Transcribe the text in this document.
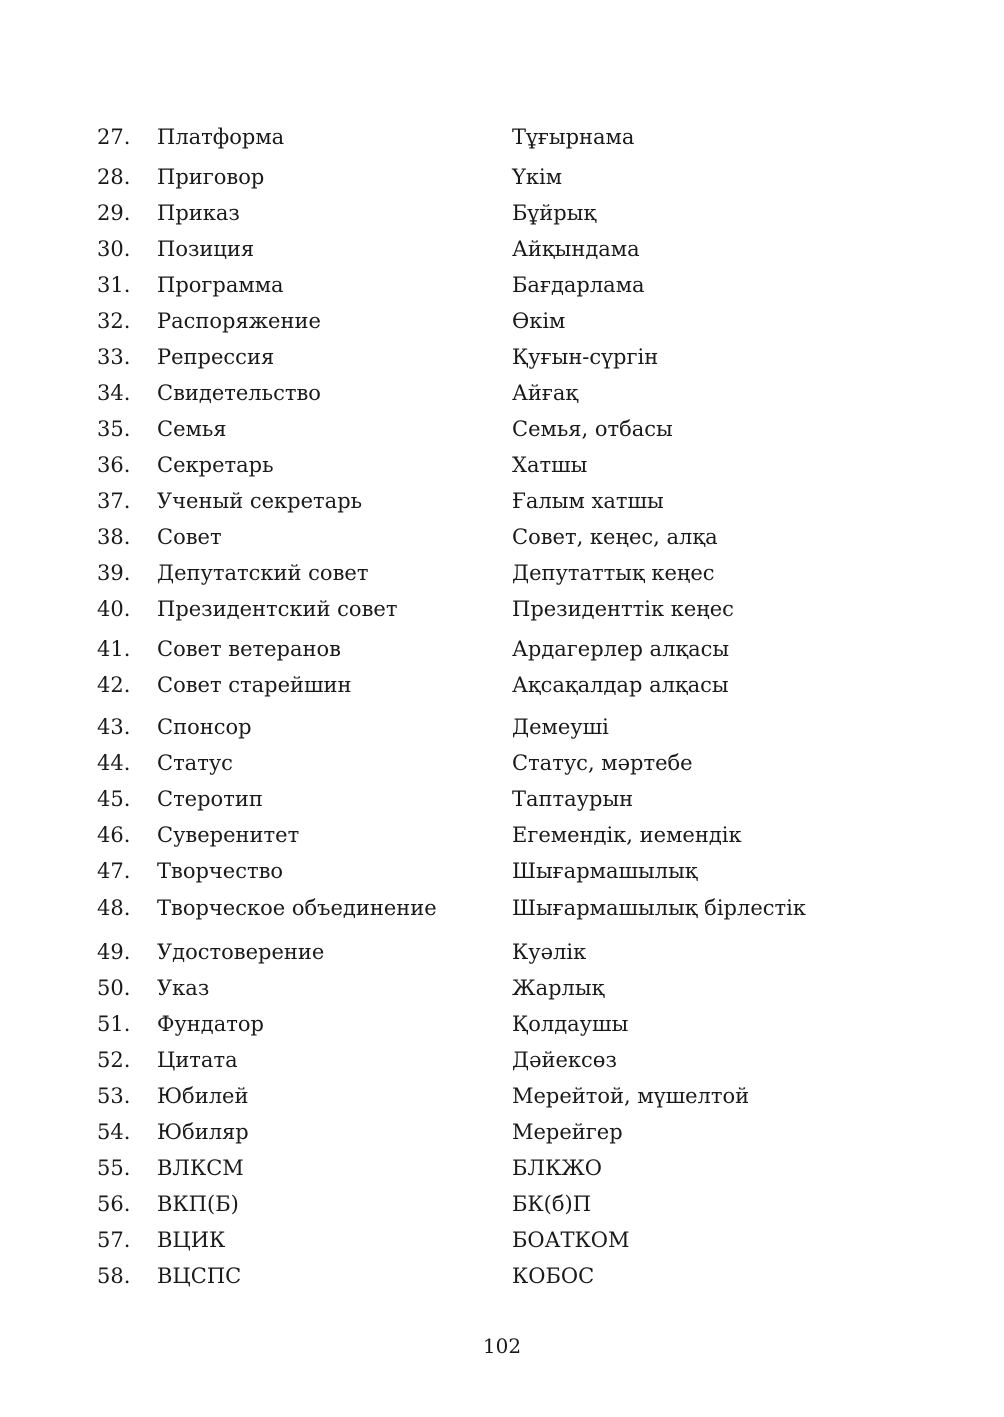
27. Платформа	Тұғырнама
28. Приговор	Үкім
29. Приказ	Бұйрық
30. Позиция	Айқындама
31. Программа	Бағдарлама
32. Распоряжение	Өкім
33. Репрессия	Қуғын-сүргін
34. Свидетельство	Айғақ
35. Семья	Семья, отбасы
36. Секретарь	Хатшы
37. Ученый секретарь	Ғалым хатшы
38. Совет	Совет, кеңес, алқа
39. Депутатский совет	Депутаттық кеңес
40. Президентский совет	Президенттік кеңес
41. Совет ветеранов	Ардагерлер алқасы
42. Совет старейшин	Ақсақалдар алқасы
43. Спонсор	Демеуші
44. Статус	Статус, мәртебе
45. Стеротип	Таптаурын
46. Суверенитет	Егемендік, иемендік
47. Творчество	Шығармашылық
48. Творческое объединение	Шығармашылық бірлестік
49. Удостоверение	Куәлік
50. Указ	Жарлық
51. Фундатор	Қолдаушы
52. Цитата	Дәйексөз
53. Юбилей	Мерейтой, мүшелтой
54. Юбиляр	Мерейгер
55. ВЛКСМ	БЛКЖО
56. ВКП(Б)	БК(б)П
57. ВЦИК	БОАТКОМ
58. ВЦСПС	КОБОС
102
